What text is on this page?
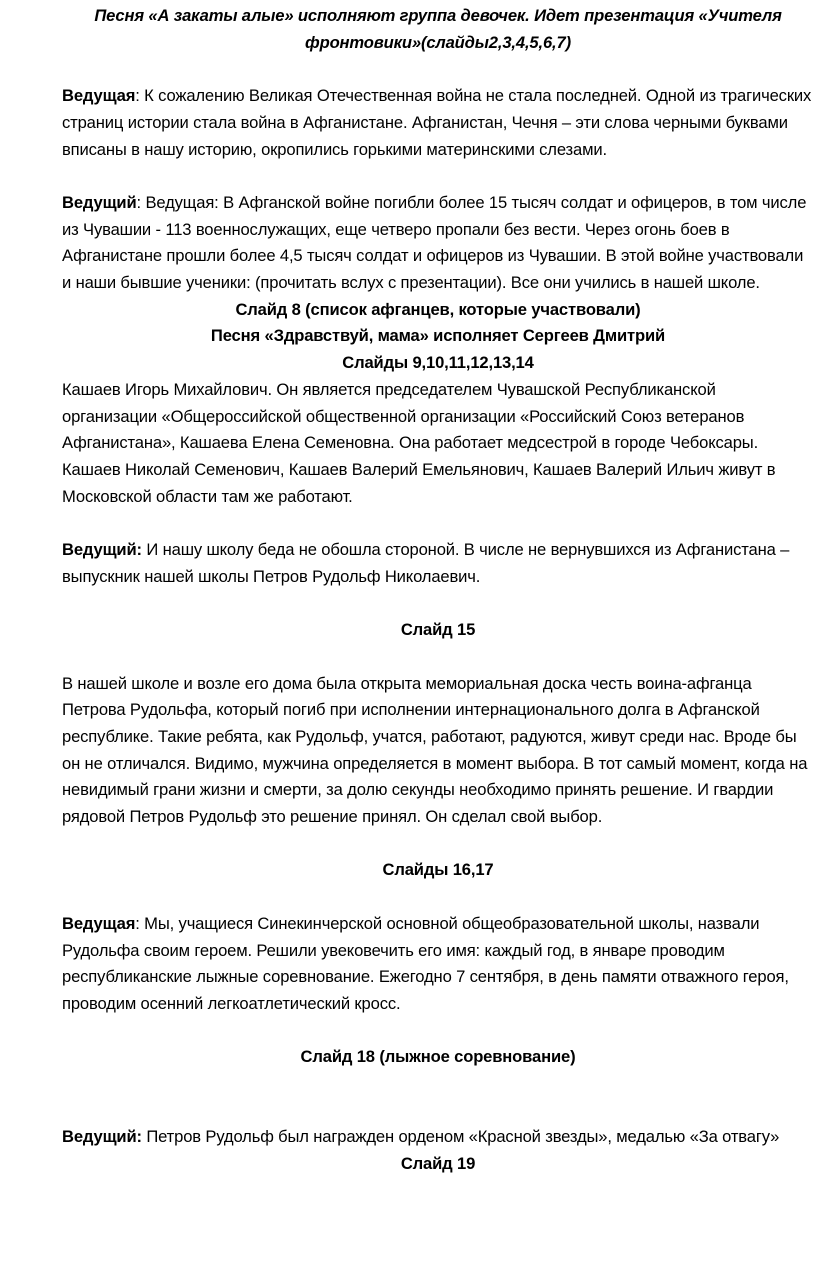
Песня «А закаты алые» исполняют группа девочек. Идет презентация «Учителя фронтовики»(слайды2,3,4,5,6,7)

Ведущая: К сожалению Великая Отечественная война не стала последней. Одной из трагических страниц истории стала война в Афганистане. Афганистан, Чечня – эти слова черными буквами вписаны в нашу историю, окропились горькими материнскими слезами.

Ведущий: Ведущая: В Афганской войне погибли более 15 тысяч солдат и офицеров, в том числе из Чувашии - 113 военнослужащих, еще четверо пропали без вести. Через огонь боев в Афганистане прошли более 4,5 тысяч солдат и офицеров из Чувашии. В этой войне участвовали и наши бывшие ученики: (прочитать вслух с презентации). Все они учились в нашей школе.

Слайд 8 (список афганцев, которые участвовали)

Песня «Здравствуй, мама» исполняет Сергеев Дмитрий

Слайды 9,10,11,12,13,14

Кашаев Игорь Михайлович. Он является председателем Чувашской Республиканской организации «Общероссийской общественной организации «Российский Союз ветеранов Афганистана», Кашаева Елена Семеновна. Она работает медсестрой в городе Чебоксары. Кашаев Николай Семенович, Кашаев Валерий Емельянович, Кашаев Валерий Ильич живут в Московской области там же работают.

Ведущий: И нашу школу беда не обошла стороной. В числе не вернувшихся из Афганистана – выпускник нашей школы Петров Рудольф Николаевич.

Слайд 15

В нашей школе и возле его дома была открыта мемориальная доска честь воина-афганца Петрова Рудольфа, который погиб при исполнении интернационального долга в Афганской республике. Такие ребята, как Рудольф, учатся, работают, радуются, живут среди нас. Вроде бы он не отличался. Видимо, мужчина определяется в момент выбора. В тот самый момент, когда на невидимый грани жизни и смерти, за долю секунды необходимо принять решение. И гвардии рядовой Петров Рудольф это решение принял. Он сделал свой выбор.

Слайды 16,17

Ведущая: Мы, учащиеся Синекинчерской основной общеобразовательной школы, назвали Рудольфа своим героем. Решили увековечить его имя: каждый год, в январе проводим республиканские лыжные соревнование. Ежегодно 7 сентября, в день памяти отважного героя, проводим осенний легкоатлетический кросс.

Слайд 18 (лыжное соревнование)

Ведущий: Петров Рудольф был награжден орденом «Красной звезды», медалью «За отвагу»

Слайд 19
